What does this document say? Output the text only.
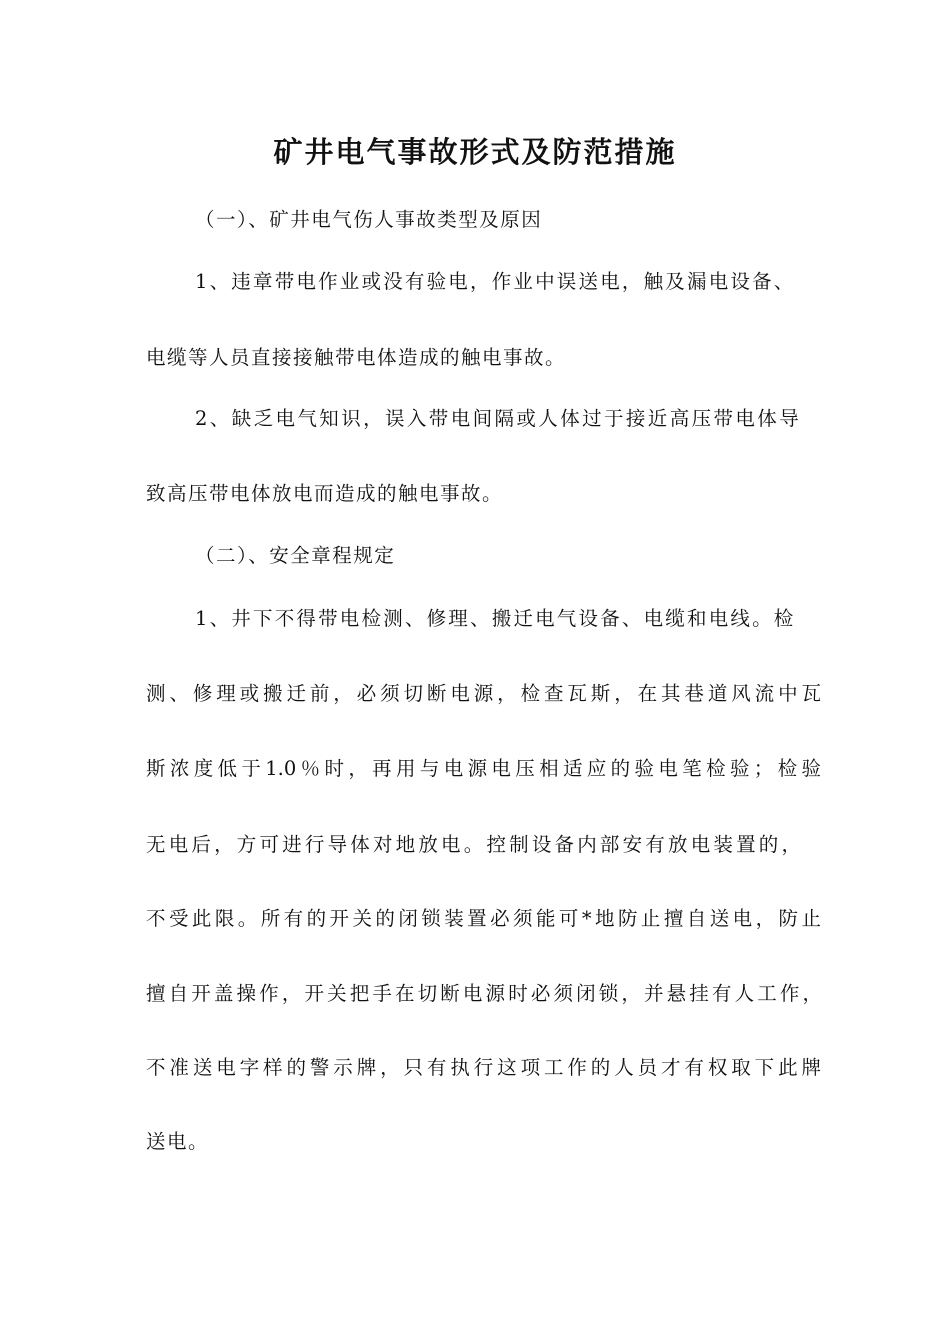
矿井电气事故形式及防范措施
（一）、矿井电气伤人事故类型及原因
1、违章带电作业或没有验电，作业中误送电，触及漏电设备、
电缆等人员直接接触带电体造成的触电事故。
2、缺乏电气知识，误入带电间隔或人体过于接近高压带电体导
致高压带电体放电而造成的触电事故。
（二）、安全章程规定
1、井下不得带电检测、修理、搬迁电气设备、电缆和电线。检
测、修理或搬迁前，必须切断电源，检查瓦斯，在其巷道风流中瓦
斯浓度低于1.0％时，再用与电源电压相适应的验电笔检验；检验
无电后，方可进行导体对地放电。控制设备内部安有放电装置的，
不受此限。所有的开关的闭锁装置必须能可*地防止擅自送电，防止
擅自开盖操作，开关把手在切断电源时必须闭锁，并悬挂有人工作，
不准送电字样的警示牌，只有执行这项工作的人员才有权取下此牌
送电。
